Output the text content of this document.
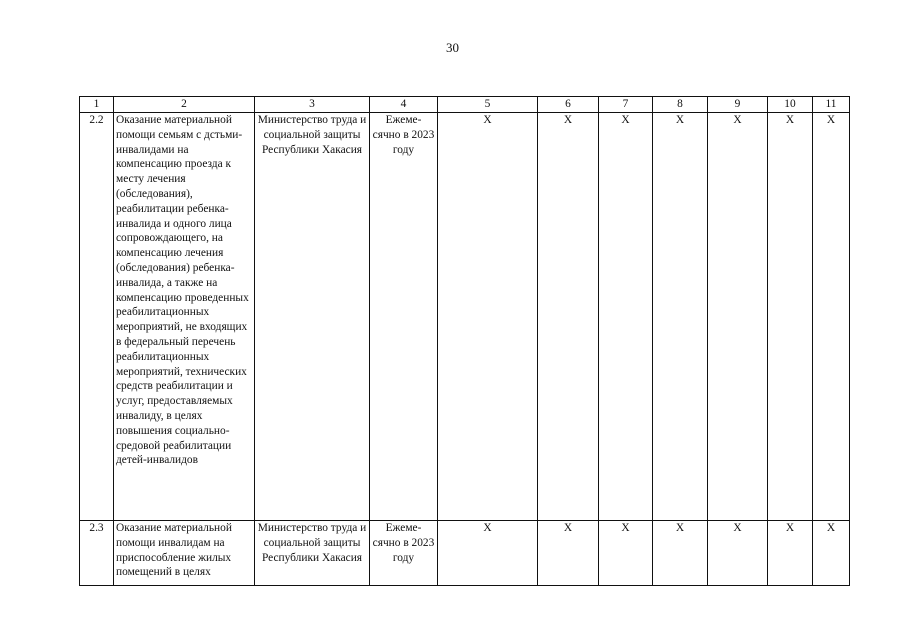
30
1	2	3	4	5	6	7	8	9	10	11
2.2	Оказание материальной помощи семьям с дстьми-инвалидами на компенсацию проезда к месту лечения (обследования), реабилитации ребенка-инвалида и одного лица сопровождающего, на компенсацию лечения (обследования) ребенка-инвалида, а также на компенсацию проведенных реабилитационных мероприятий, не входящих в федеральный перечень реабилитационных мероприятий, технических средств реабилитации и услуг, предоставляемых инвалиду, в целях повышения социально-средовой реабилитации детей-инвалидов	Министерство труда и социальной защиты Республики Хакасия	Ежеме-сячно в 2023 году	Х	Х	Х	Х	Х	Х	Х
2.3	Оказание материальной помощи инвалидам на приспособление жилых помещений в целях	Министерство труда и социальной защиты Республики Хакасия	Ежеме-сячно в 2023 году	Х	Х	Х	Х	Х	Х	Х
